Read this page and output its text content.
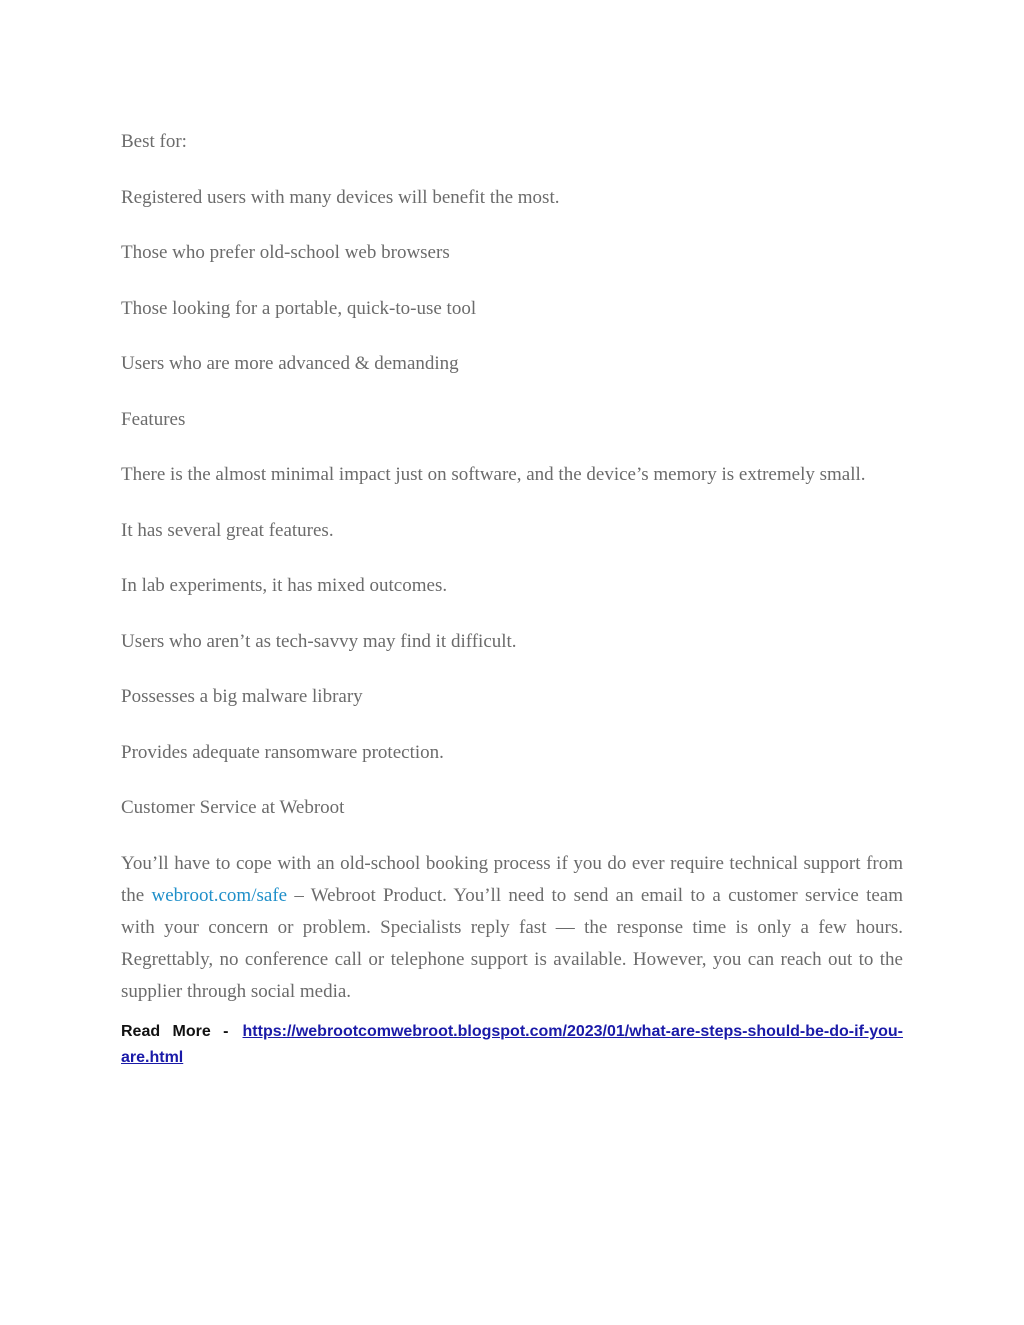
Best for:

Registered users with many devices will benefit the most.

Those who prefer old-school web browsers

Those looking for a portable, quick-to-use tool

Users who are more advanced & demanding

Features

There is the almost minimal impact just on software, and the device’s memory is extremely small.

It has several great features.

In lab experiments, it has mixed outcomes.

Users who aren’t as tech-savvy may find it difficult.

Possesses a big malware library

Provides adequate ransomware protection.

Customer Service at Webroot

You’ll have to cope with an old-school booking process if you do ever require technical support from the webroot.com/safe – Webroot Product. You’ll need to send an email to a customer service team with your concern or problem. Specialists reply fast — the response time is only a few hours. Regrettably, no conference call or telephone support is available. However, you can reach out to the supplier through social media.

Read More - https://webrootcomwebroot.blogspot.com/2023/01/what-are-steps-should-be-do-if-you-are.html
